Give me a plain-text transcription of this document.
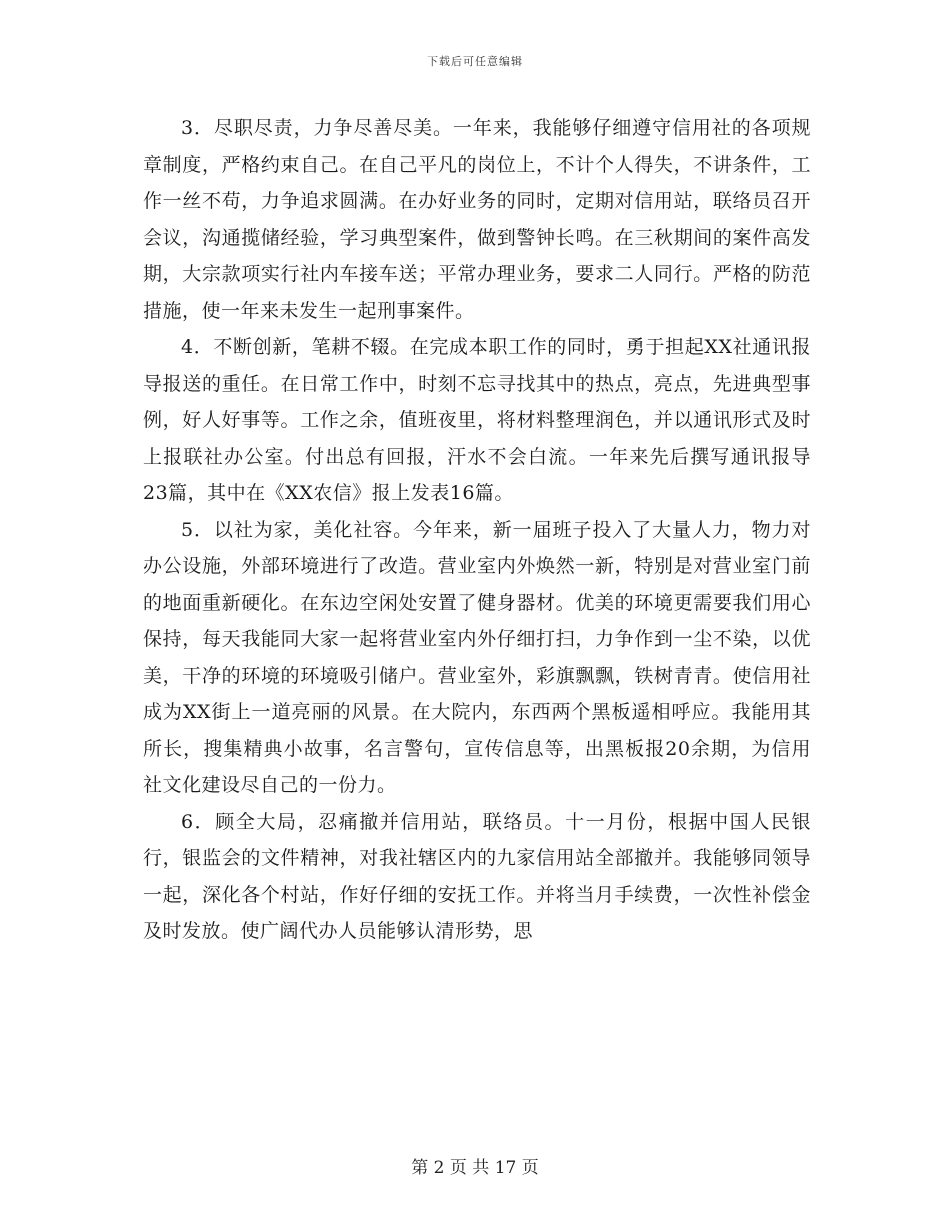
下载后可任意编辑

3．尽职尽责，力争尽善尽美。一年来，我能够仔细遵守信用社的各项规章制度，严格约束自己。在自己平凡的岗位上，不计个人得失，不讲条件，工作一丝不苟，力争追求圆满。在办好业务的同时，定期对信用站，联络员召开会议，沟通揽储经验，学习典型案件，做到警钟长鸣。在三秋期间的案件高发期，大宗款项实行社内车接车送；平常办理业务，要求二人同行。严格的防范措施，使一年来未发生一起刑事案件。

4．不断创新，笔耕不辍。在完成本职工作的同时，勇于担起XX社通讯报导报送的重任。在日常工作中，时刻不忘寻找其中的热点，亮点，先进典型事例，好人好事等。工作之余，值班夜里，将材料整理润色，并以通讯形式及时上报联社办公室。付出总有回报，汗水不会白流。一年来先后撰写通讯报导23篇，其中在《XX农信》报上发表16篇。

5．以社为家，美化社容。今年来，新一届班子投入了大量人力，物力对办公设施，外部环境进行了改造。营业室内外焕然一新，特别是对营业室门前的地面重新硬化。在东边空闲处安置了健身器材。优美的环境更需要我们用心保持，每天我能同大家一起将营业室内外仔细打扫，力争作到一尘不染，以优美，干净的环境的环境吸引储户。营业室外，彩旗飘飘，铁树青青。使信用社成为XX街上一道亮丽的风景。在大院内，东西两个黑板遥相呼应。我能用其所长，搜集精典小故事，名言警句，宣传信息等，出黑板报20余期，为信用社文化建设尽自己的一份力。

6．顾全大局，忍痛撤并信用站，联络员。十一月份，根据中国人民银行，银监会的文件精神，对我社辖区内的九家信用站全部撤并。我能够同领导一起，深化各个村站，作好仔细的安抚工作。并将当月手续费，一次性补偿金及时发放。使广阔代办人员能够认清形势，思

第 2 页 共 17 页
